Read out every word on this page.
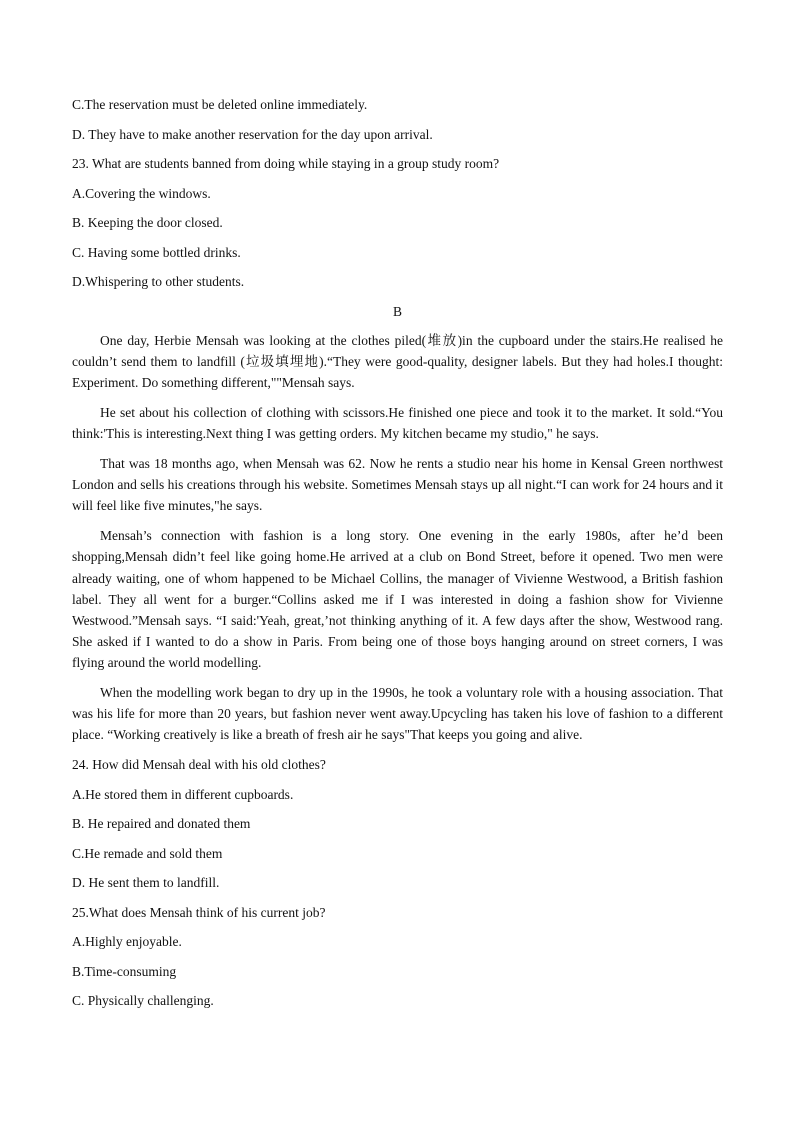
C.The reservation must be deleted online immediately.

D. They have to make another reservation for the day upon arrival.

23. What are students banned from doing while staying in a group study room?

A.Covering the windows.

B. Keeping the door closed.

C. Having some bottled drinks.

D.Whispering to other students.

B

One day, Herbie Mensah was looking at the clothes piled(堆放)in the cupboard under the stairs.He realised he couldn’t send them to landfill (垃圾填埋地).“They were good-quality, designer labels. But they had holes.I thought: Experiment. Do something different,""Mensah says.

He set about his collection of clothing with scissors.He finished one piece and took it to the market. It sold.“You think:'This is interesting.Next thing I was getting orders. My kitchen became my studio," he says.

That was 18 months ago, when Mensah was 62. Now he rents a studio near his home in Kensal Green northwest London and sells his creations through his website. Sometimes Mensah stays up all night.“I can work for 24 hours and it will feel like five minutes,"he says.

Mensah’s connection with fashion is a long story. One evening in the early 1980s, after he’d been shopping,Mensah didn’t feel like going home.He arrived at a club on Bond Street, before it opened. Two men were already waiting, one of whom happened to be Michael Collins, the manager of Vivienne Westwood, a British fashion label. They all went for a burger.“Collins asked me if I was interested in doing a fashion show for Vivienne Westwood.”Mensah says. “I said:'Yeah, great,’not thinking anything of it. A few days after the show, Westwood rang. She asked if I wanted to do a show in Paris. From being one of those boys hanging around on street corners, I was flying around the world modelling.

When the modelling work began to dry up in the 1990s, he took a voluntary role with a housing association. That was his life for more than 20 years, but fashion never went away.Upcycling has taken his love of fashion to a different place. “Working creatively is like a breath of fresh air he says"That keeps you going and alive.

24. How did Mensah deal with his old clothes?

A.He stored them in different cupboards.

B. He repaired and donated them

C.He remade and sold them

D. He sent them to landfill.

25.What does Mensah think of his current job?

A.Highly enjoyable.

B.Time-consuming

C. Physically challenging.
